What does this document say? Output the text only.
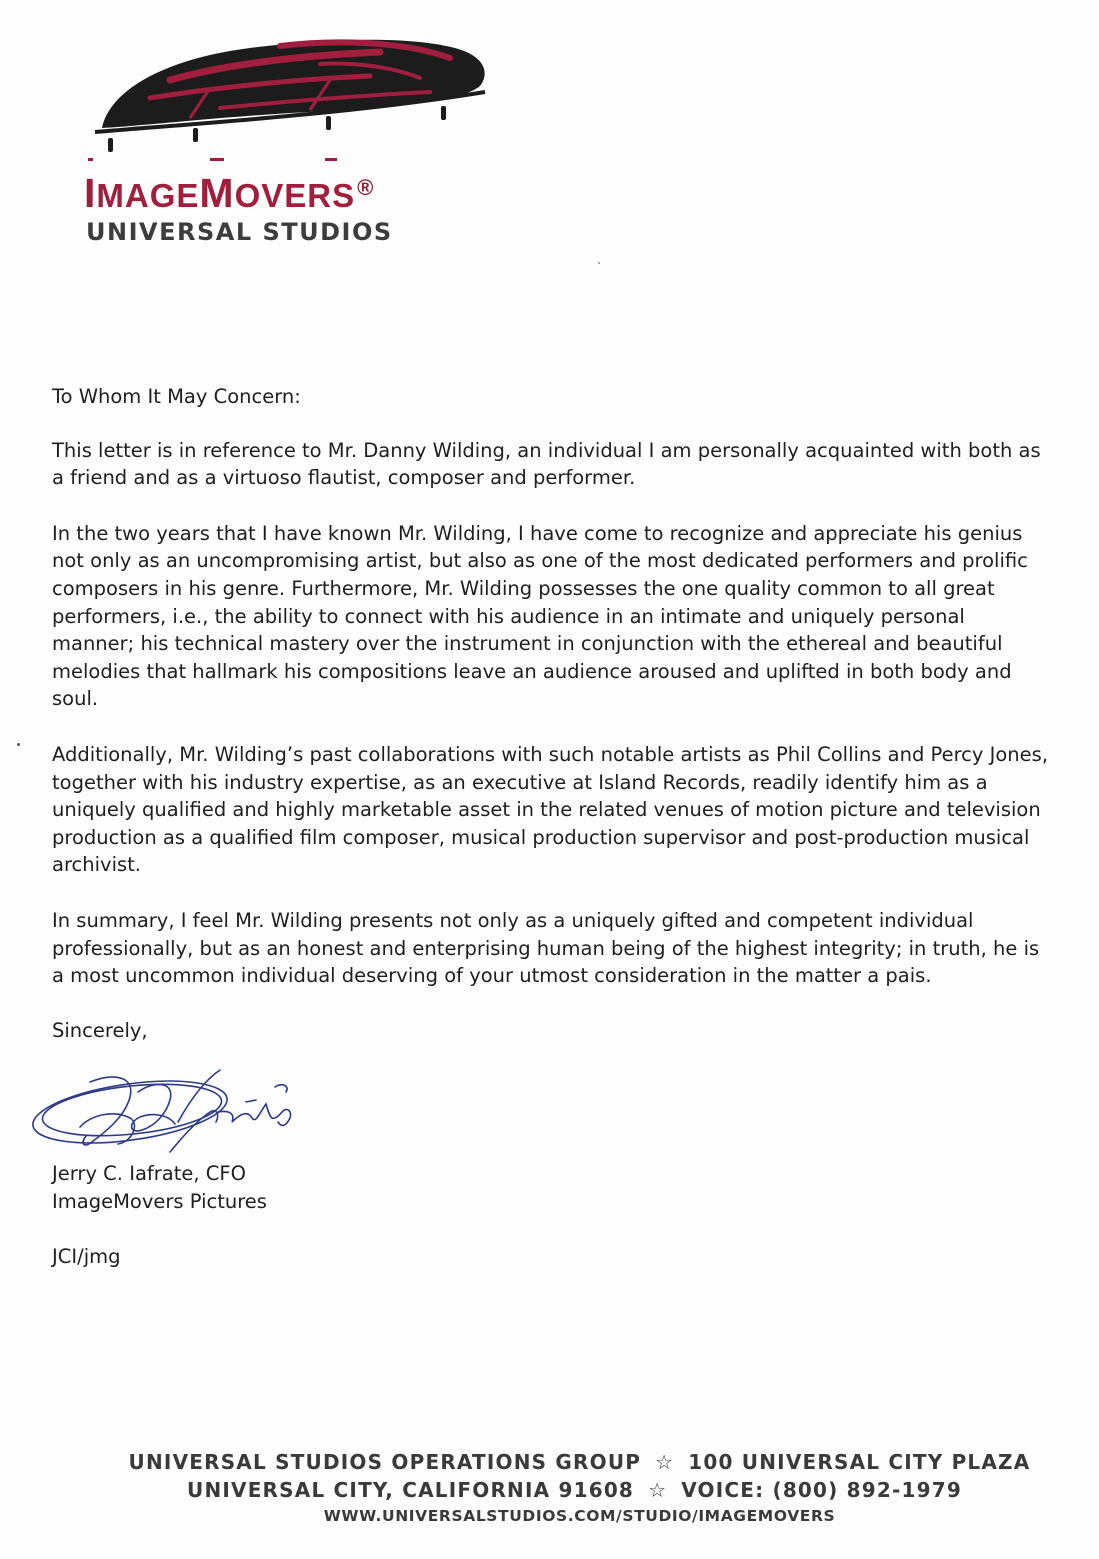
IMAGEMOVERS®
UNIVERSAL STUDIOS

To Whom It May Concern:

This letter is in reference to Mr. Danny Wilding, an individual I am personally acquainted with both as a friend and as a virtuoso flautist, composer and performer.

In the two years that I have known Mr. Wilding, I have come to recognize and appreciate his genius not only as an uncompromising artist, but also as one of the most dedicated performers and prolific composers in his genre. Furthermore, Mr. Wilding possesses the one quality common to all great performers, i.e., the ability to connect with his audience in an intimate and uniquely personal manner; his technical mastery over the instrument in conjunction with the ethereal and beautiful melodies that hallmark his compositions leave an audience aroused and uplifted in both body and soul.

Additionally, Mr. Wilding’s past collaborations with such notable artists as Phil Collins and Percy Jones, together with his industry expertise, as an executive at Island Records, readily identify him as a uniquely qualified and highly marketable asset in the related venues of motion picture and television production as a qualified film composer, musical production supervisor and post-production musical archivist.

In summary, I feel Mr. Wilding presents not only as a uniquely gifted and competent individual professionally, but as an honest and enterprising human being of the highest integrity; in truth, he is a most uncommon individual deserving of your utmost consideration in the matter a pais.

Sincerely,
Jerry C. Iafrate, CFO
ImageMovers Pictures
JCI/jmg
UNIVERSAL STUDIOS OPERATIONS GROUP ☆ 100 UNIVERSAL CITY PLAZA
UNIVERSAL CITY, CALIFORNIA 91608 ☆ VOICE: (800) 892-1979
WWW.UNIVERSALSTUDIOS.COM/STUDIO/IMAGEMOVERS
